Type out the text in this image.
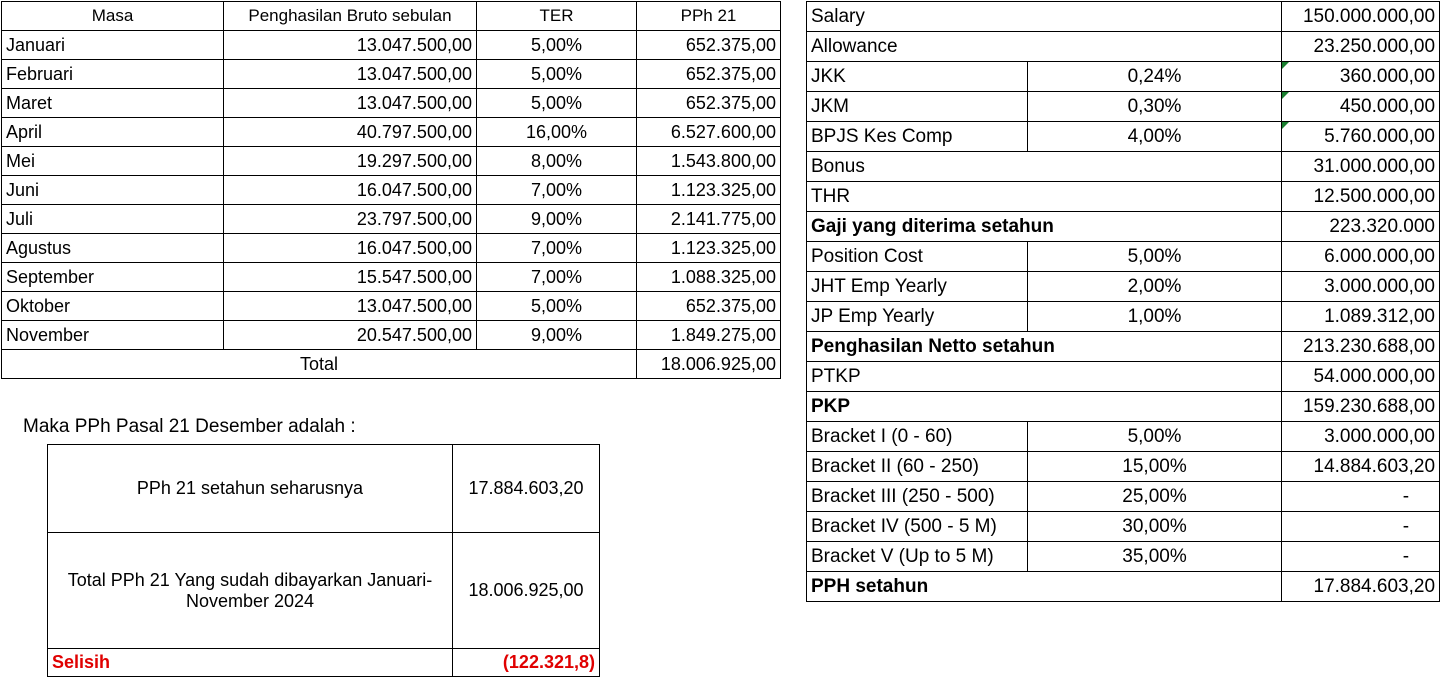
Masa	Penghasilan Bruto sebulan	TER	PPh 21
Januari	13.047.500,00	5,00%	652.375,00
Februari	13.047.500,00	5,00%	652.375,00
Maret	13.047.500,00	5,00%	652.375,00
April	40.797.500,00	16,00%	6.527.600,00
Mei	19.297.500,00	8,00%	1.543.800,00
Juni	16.047.500,00	7,00%	1.123.325,00
Juli	23.797.500,00	9,00%	2.141.775,00
Agustus	16.047.500,00	7,00%	1.123.325,00
September	15.547.500,00	7,00%	1.088.325,00
Oktober	13.047.500,00	5,00%	652.375,00
November	20.547.500,00	9,00%	1.849.275,00
Total			18.006.925,00
Maka PPh Pasal 21 Desember adalah :
PPh 21 setahun seharusnya	17.884.603,20
Total PPh 21 Yang sudah dibayarkan Januari-November 2024	18.006.925,00
Selisih	(122.321,8)
Salary		150.000.000,00
Allowance		23.250.000,00
JKK	0,24%	360.000,00
JKM	0,30%	450.000,00
BPJS Kes Comp	4,00%	5.760.000,00
Bonus		31.000.000,00
THR		12.500.000,00
Gaji yang diterima setahun		223.320.000
Position Cost	5,00%	6.000.000,00
JHT Emp Yearly	2,00%	3.000.000,00
JP Emp Yearly	1,00%	1.089.312,00
Penghasilan Netto setahun		213.230.688,00
PTKP		54.000.000,00
PKP		159.230.688,00
Bracket I (0 - 60)	5,00%	3.000.000,00
Bracket II (60 - 250)	15,00%	14.884.603,20
Bracket III (250 - 500)	25,00%	-
Bracket IV (500 - 5 M)	30,00%	-
Bracket V (Up to 5 M)	35,00%	-
PPH setahun		17.884.603,20
